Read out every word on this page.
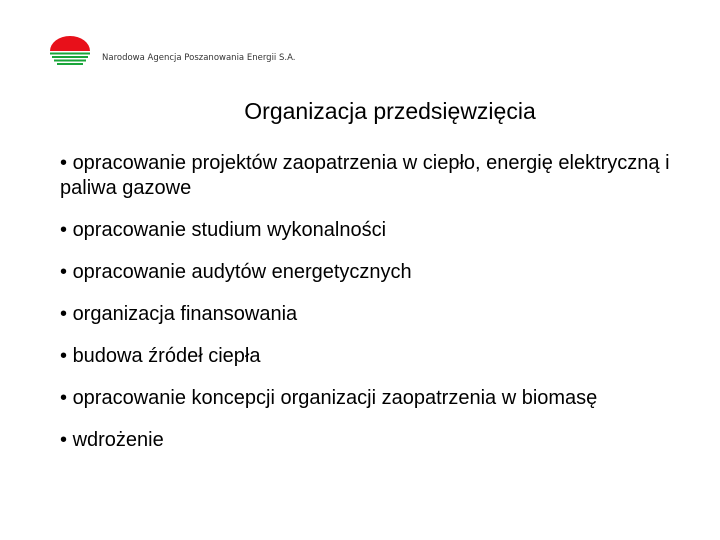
Narodowa Agencja Poszanowania Energii S.A.
Organizacja przedsięwzięcia
• opracowanie projektów zaopatrzenia w ciepło, energię elektryczną i paliwa gazowe
• opracowanie studium wykonalności
• opracowanie audytów energetycznych
• organizacja finansowania
• budowa źródeł ciepła
• opracowanie koncepcji organizacji zaopatrzenia w biomasę
• wdrożenie
